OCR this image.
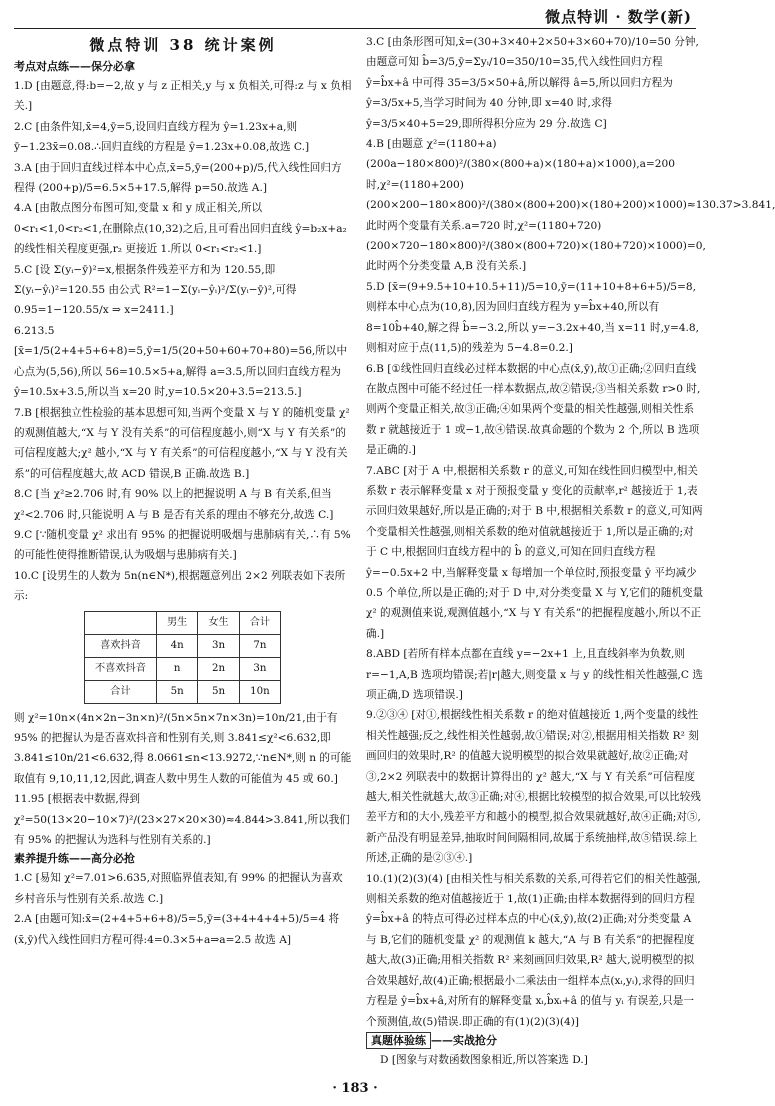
微点特训 · 数学(新)
微点特训 38 统计案例
考点对点练——保分必拿

1.D [由题意,得:b=−2,故 y 与 z 正相关,y 与 x 负相关,可得:z 与 x 负相关.]

2.C [由条件知,x̄=4,ȳ=5,设回归直线方程为 ŷ=1.23x+a,则 ȳ−1.23x̄=0.08.∴回归直线的方程是 ŷ=1.23x+0.08,故选 C.]

3.A [由于回归直线过样本中心点,x̄=5,ȳ=(200+p)/5,代入线性回归方程得 (200+p)/5=6.5×5+17.5,解得 p=50.故选 A.]

4.A [由散点图分布图可知,变量 x 和 y 成正相关,所以 0<r₁<1,0<r₂<1,在删除点(10,32)之后,且可看出回归直线 ŷ=b₂x+a₂ 的线性相关程度更强,r₂ 更接近 1.所以 0<r₁<r₂<1.]

5.C [设 Σ(yᵢ−ȳ)²=x,根据条件残差平方和为 120.55,即 Σ(yᵢ−ŷᵢ)²=120.55 由公式 R²=1−Σ(yᵢ−ŷᵢ)²/Σ(yᵢ−ȳ)²,可得 0.95=1−120.55/x ⇒ x=2411.]

6.213.5 [x̄=1/5(2+4+5+6+8)=5,ȳ=1/5(20+50+60+70+80)=56,所以中心点为(5,56),所以 56=10.5×5+a,解得 a=3.5,所以回归直线方程为 ŷ=10.5x+3.5,所以当 x=20 时,y=10.5×20+3.5=213.5.]

7.B [根据独立性检验的基本思想可知,当两个变量 X 与 Y 的随机变量 χ² 的观测值越大,“X 与 Y 没有关系”的可信程度越小,则“X 与 Y 有关系”的可信程度越大;χ² 越小,“X 与 Y 有关系”的可信程度越小,“X 与 Y 没有关系”的可信程度越大,故 ACD 错误,B 正确.故选 B.]

8.C [当 χ²≥2.706 时,有 90% 以上的把握说明 A 与 B 有关系,但当 χ²<2.706 时,只能说明 A 与 B 是否有关系的理由不够充分,故选 C.]

9.C [∵随机变量 χ² 求出有 95% 的把握说明吸烟与患肺病有关,∴有 5% 的可能性使得推断错误,认为吸烟与患肺病有关.]

10.C [设男生的人数为 5n(n∈N*),根据题意列出 2×2 列联表如下表所示:

	男生	女生	合计
喜欢抖音	4n	3n	7n
不喜欢抖音	n	2n	3n
合计	5n	5n	10n

则 χ²=10n×(4n×2n−3n×n)²/(5n×5n×7n×3n)=10n/21,由于有 95% 的把握认为是否喜欢抖音和性别有关,则 3.841≤χ²<6.632,即 3.841≤10n/21<6.632,得 8.0661≤n<13.9272,∵n∈N*,则 n 的可能取值有 9,10,11,12,因此,调查人数中男生人数的可能值为 45 或 60.]

11.95 [根据表中数据,得到 χ²=50(13×20−10×7)²/(23×27×20×30)≈4.844>3.841,所以我们有 95% 的把握认为选科与性别有关系的.]

素养提升练——高分必抢

1.C [易知 χ²=7.01>6.635,对照临界值表知,有 99% 的把握认为喜欢乡村音乐与性别有关系.故选 C.]

2.A [由题可知:x̄=(2+4+5+6+8)/5=5,ȳ=(3+4+4+4+5)/5=4 将(x̄,ȳ)代入线性回归方程可得:4=0.3×5+a⇒a=2.5 故选 A]

3.C [由条形图可知,x̄=(30+3×40+2×50+3×60+70)/10=50 分钟,由题意可知 b̂=3/5,ȳ=Σyᵢ/10=350/10=35,代入线性回归方程 ŷ=b̂x+â 中可得 35=3/5×50+â,所以解得 â=5,所以回归方程为 ŷ=3/5x+5,当学习时间为 40 分钟,即 x=40 时,求得 ŷ=3/5×40+5=29,即所得积分应为 29 分.故选 C]

4.B [由题意 χ²=(1180+a)(200a−180×800)²/(380×(800+a)×(180+a)×1000),a=200 时,χ²=(1180+200)(200×200−180×800)²/(380×(800+200)×(180+200)×1000)≈130.37>3.841,此时两个变量有关系.a=720 时,χ²=(1180+720)(200×720−180×800)²/(380×(800+720)×(180+720)×1000)=0,此时两个分类变量 A,B 没有关系.]

5.D [x̄=(9+9.5+10+10.5+11)/5=10,ȳ=(11+10+8+6+5)/5=8,则样本中心点为(10,8),因为回归直线方程为 y=b̂x+40,所以有 8=10b̂+40,解之得 b̂=−3.2,所以 y=−3.2x+40,当 x=11 时,y=4.8,则相对应于点(11,5)的残差为 5−4.8=0.2.]

6.B [①线性回归直线必过样本数据的中心点(x̄,ȳ),故①正确;②回归直线在散点图中可能不经过任一样本数据点,故②错误;③当相关系数 r>0 时,则两个变量正相关,故③正确;④如果两个变量的相关性越强,则相关性系数 r 就越接近于 1 或−1,故④错误.故真命题的个数为 2 个,所以 B 选项是正确的.]

7.ABC [对于 A 中,根据相关系数 r 的意义,可知在线性回归模型中,相关系数 r 表示解释变量 x 对于预报变量 y 变化的贡献率,r² 越接近于 1,表示回归效果越好,所以是正确的;对于 B 中,根据相关系数 r 的意义,可知两个变量相关性越强,则相关系数的绝对值就越接近于 1,所以是正确的;对于 C 中,根据回归直线方程中的 b̂ 的意义,可知在回归直线方程 ŷ=−0.5x+2 中,当解释变量 x 每增加一个单位时,预报变量 ŷ 平均减少 0.5 个单位,所以是正确的;对于 D 中,对分类变量 X 与 Y,它们的随机变量 χ² 的观测值来说,观测值越小,“X 与 Y 有关系”的把握程度越小,所以不正确.]

8.ABD [若所有样本点都在直线 y=−2x+1 上,且直线斜率为负数,则 r=−1,A,B 选项均错误;若|r|越大,则变量 x 与 y 的线性相关性越强,C 选项正确,D 选项错误.]

9.②③④ [对①,根据线性相关系数 r 的绝对值越接近 1,两个变量的线性相关性越强;反之,线性相关性越弱,故①错误;对②,根据用相关指数 R² 刻画回归的效果时,R² 的值越大说明模型的拟合效果就越好,故②正确;对③,2×2 列联表中的数据计算得出的 χ² 越大,“X 与 Y 有关系”可信程度越大,相关性就越大,故③正确;对④,根据比较模型的拟合效果,可以比较残差平方和的大小,残差平方和越小的模型,拟合效果就越好,故④正确;对⑤,新产品没有明显差异,抽取时间间隔相同,故属于系统抽样,故⑤错误.综上所述,正确的是②③④.]

10.(1)(2)(3)(4) [由相关性与相关系数的关系,可得若它们的相关性越强,则相关系数的绝对值越接近于 1,故(1)正确;由样本数据得到的回归方程 ŷ=b̂x+â 的特点可得必过样本点的中心(x̄,ȳ),故(2)正确;对分类变量 A 与 B,它们的随机变量 χ² 的观测值 k 越大,“A 与 B 有关系”的把握程度越大,故(3)正确;用相关指数 R² 来刻画回归效果,R² 越大,说明模型的拟合效果越好,故(4)正确;根据最小二乘法由一组样本点(xᵢ,yᵢ),求得的回归方程是 ŷ=b̂x+â,对所有的解释变量 xᵢ,b̂xᵢ+â 的值与 yᵢ 有误差,只是一个预测值,故(5)错误.即正确的有(1)(2)(3)(4)]

真题体验练 ——实战抢分

D [图象与对数函数图象相近,所以答案选 D.]

· 183 ·
